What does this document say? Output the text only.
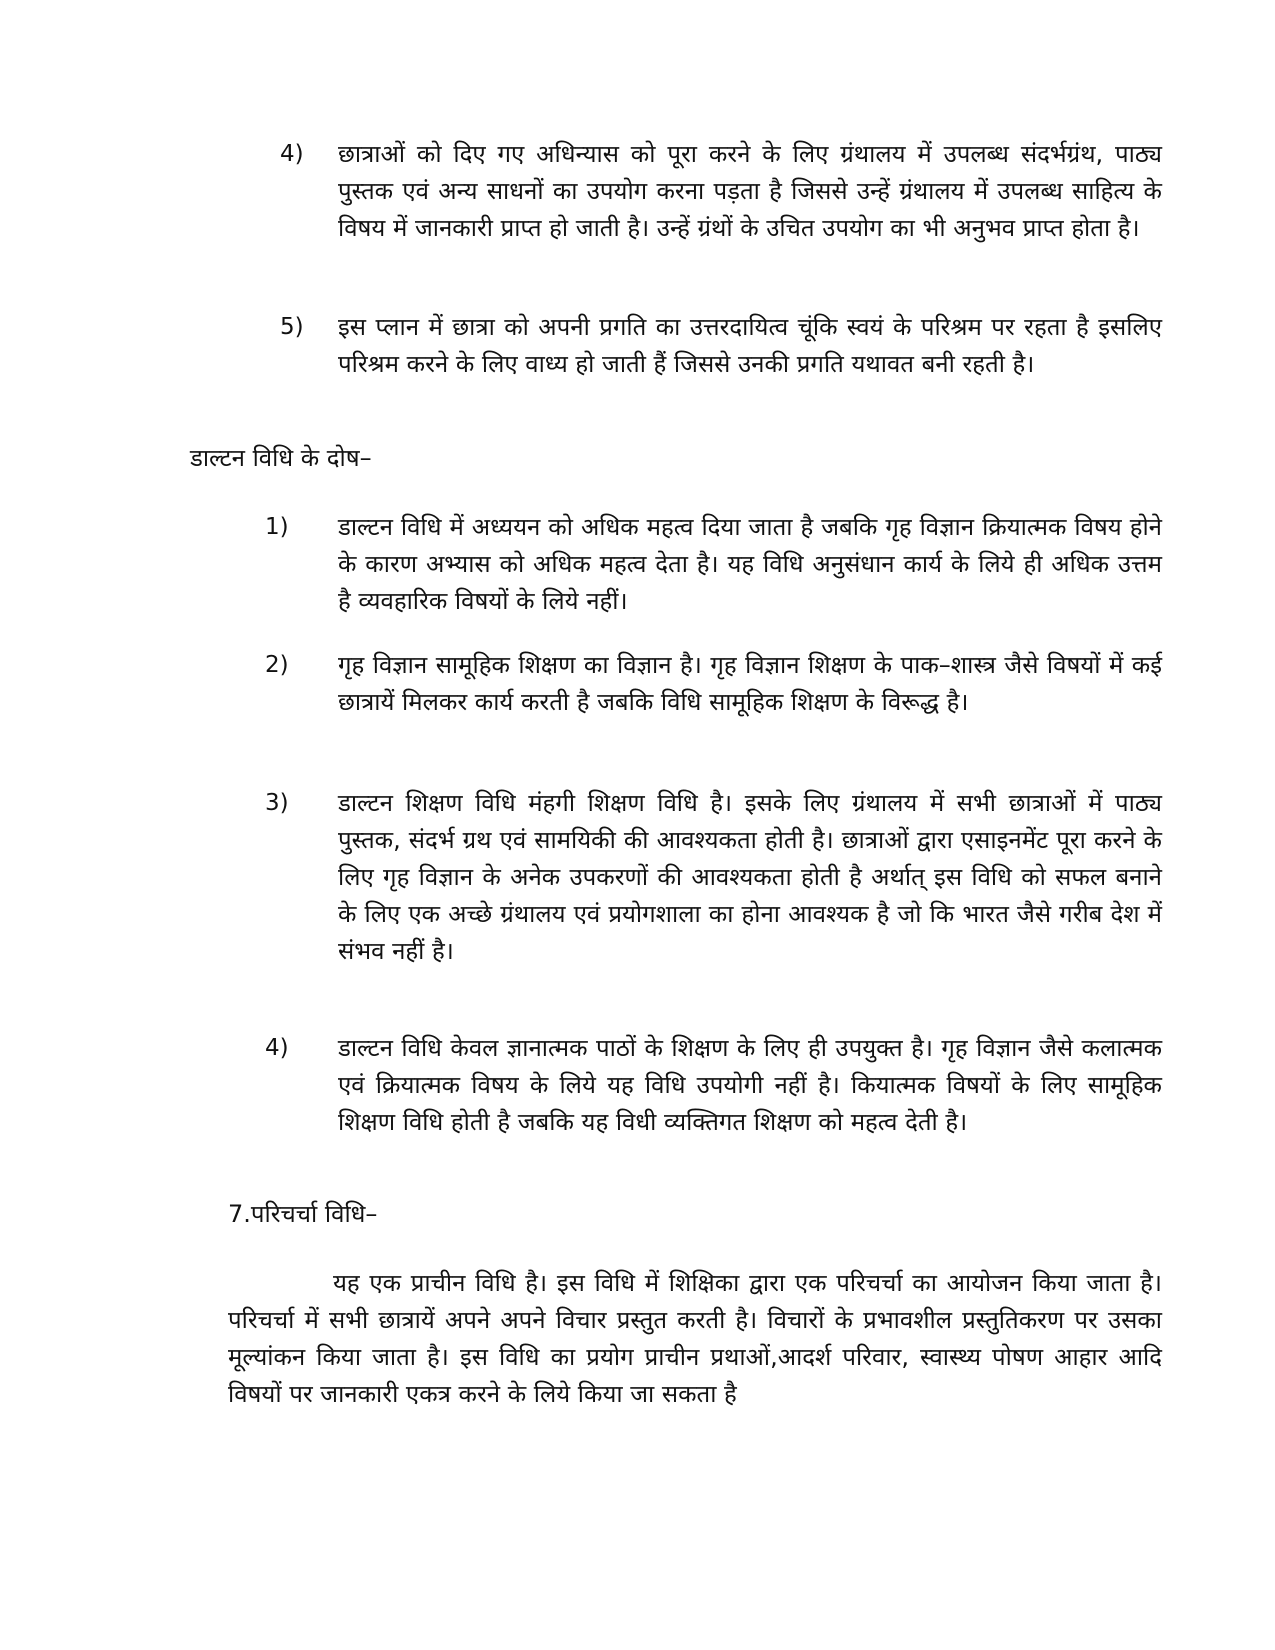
4)	छात्राओं को दिए गए अधिन्यास को पूरा करने के लिए ग्रंथालय में उपलब्ध संदर्भग्रंथ, पाठ्य पुस्तक एवं अन्य साधनों का उपयोग करना पड़ता है जिससे उन्हें ग्रंथालय में उपलब्ध साहित्य के विषय में जानकारी प्राप्त हो जाती है। उन्हें ग्रंथों के उचित उपयोग का भी अनुभव प्राप्त होता है।

5)	इस प्लान में छात्रा को अपनी प्रगति का उत्तरदायित्व चूंकि स्वयं के परिश्रम पर रहता है इसलिए परिश्रम करने के लिए वाध्य हो जाती हैं जिससे उनकी प्रगति यथावत बनी रहती है।

डाल्टन विधि के दोष–

1)	डाल्टन विधि में अध्ययन को अधिक महत्व दिया जाता है जबकि गृह विज्ञान क्रियात्मक विषय होने के कारण अभ्यास को अधिक महत्व देता है। यह विधि अनुसंधान कार्य के लिये ही अधिक उत्तम है व्यवहारिक विषयों के लिये नहीं।

2)	गृह विज्ञान सामूहिक शिक्षण का विज्ञान है। गृह विज्ञान शिक्षण के पाक–शास्त्र जैसे विषयों में कई छात्रायें मिलकर कार्य करती है जबकि विधि सामूहिक शिक्षण के विरूद्ध है।

3)	डाल्टन शिक्षण विधि मंहगी शिक्षण विधि है। इसके लिए ग्रंथालय में सभी छात्राओं में पाठ्य पुस्तक, संदर्भ ग्रथ एवं सामयिकी की आवश्यकता होती है। छात्राओं द्वारा एसाइनमेंट पूरा करने के लिए गृह विज्ञान के अनेक उपकरणों की आवश्यकता होती है अर्थात् इस विधि को सफल बनाने के लिए एक अच्छे ग्रंथालय एवं प्रयोगशाला का होना आवश्यक है जो कि भारत जैसे गरीब देश में संभव नहीं है।

4)	डाल्टन विधि केवल ज्ञानात्मक पाठों के शिक्षण के लिए ही उपयुक्त है। गृह विज्ञान जैसे कलात्मक एवं क्रियात्मक विषय के लिये यह विधि उपयोगी नहीं है। कियात्मक विषयों के लिए सामूहिक शिक्षण विधि होती है जबकि यह विधी व्यक्तिगत शिक्षण को महत्व देती है।

7.परिचर्चा विधि–

यह एक प्राचीन विधि है। इस विधि में शिक्षिका द्वारा एक परिचर्चा का आयोजन किया जाता है। परिचर्चा में सभी छात्रायें अपने अपने विचार प्रस्तुत करती है। विचारों के प्रभावशील प्रस्तुतिकरण पर उसका मूल्यांकन किया जाता है। इस विधि का प्रयोग प्राचीन प्रथाओं,आदर्श परिवार, स्वास्थ्य पोषण आहार आदि विषयों पर जानकारी एकत्र करने के लिये किया जा सकता है
